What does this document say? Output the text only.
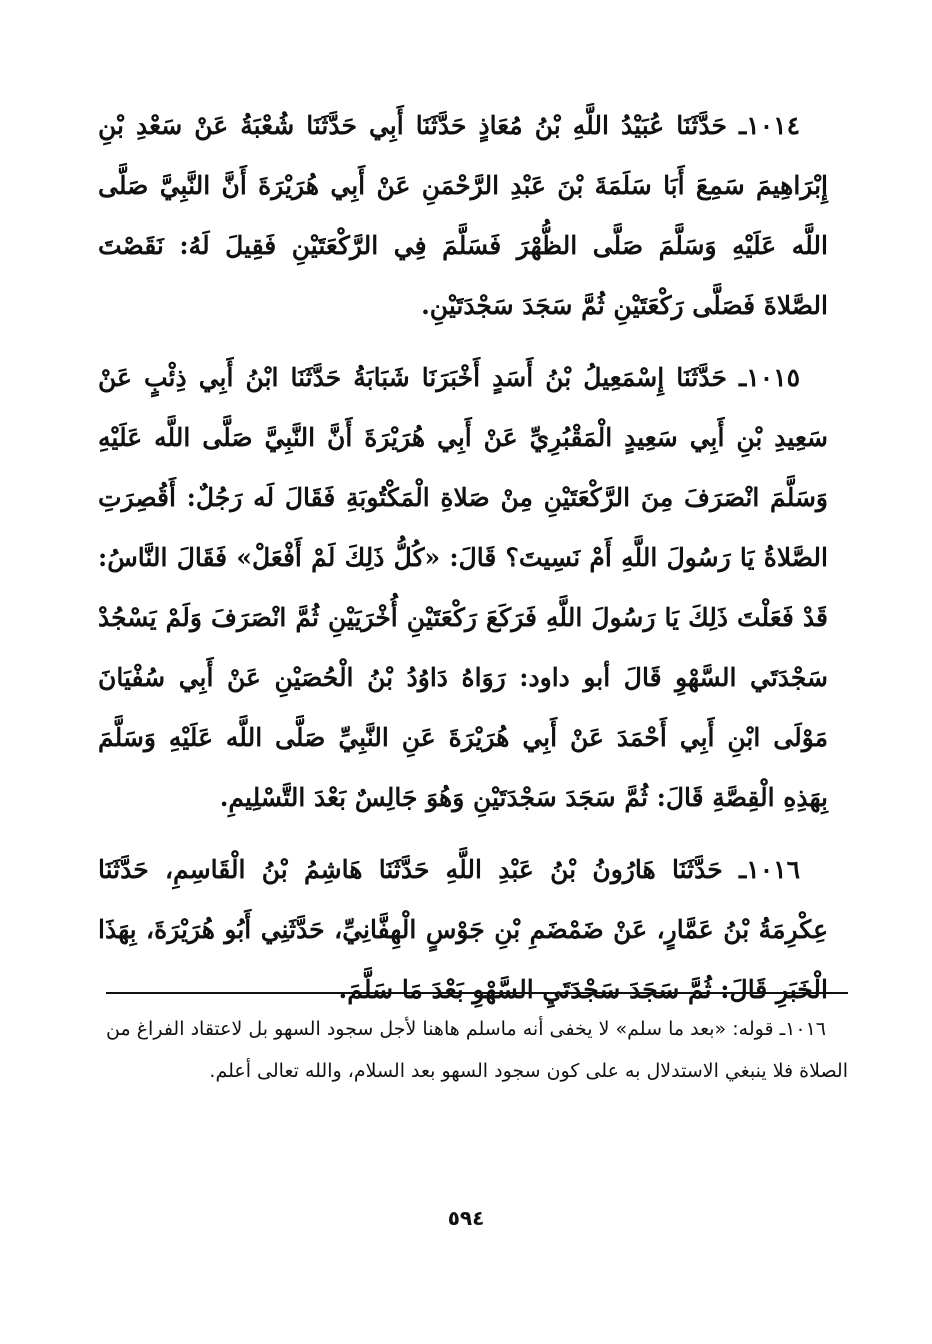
١٠١٤ـ حَدَّثَنَا عُبَيْدُ اللَّهِ بْنُ مُعَاذٍ حَدَّثَنَا أَبِي حَدَّثَنَا شُعْبَةُ عَنْ سَعْدِ بْنِ إِبْرَاهِيمَ سَمِعَ أَبَا سَلَمَةَ بْنَ عَبْدِ الرَّحْمَنِ عَنْ أَبِي هُرَيْرَةَ أَنَّ النَّبِيَّ صَلَّى اللَّه عَلَيْهِ وَسَلَّمَ صَلَّى الظُّهْرَ فَسَلَّمَ فِي الرَّكْعَتَيْنِ فَقِيلَ لَهُ: نَقَصْتَ الصَّلاةَ فَصَلَّى رَكْعَتَيْنِ ثُمَّ سَجَدَ سَجْدَتَيْنِ.

١٠١٥ـ حَدَّثَنَا إِسْمَعِيلُ بْنُ أَسَدٍ أَخْبَرَنَا شَبَابَةُ حَدَّثَنَا ابْنُ أَبِي ذِئْبٍ عَنْ سَعِيدِ بْنِ أَبِي سَعِيدٍ الْمَقْبُرِيِّ عَنْ أَبِي هُرَيْرَةَ أَنَّ النَّبِيَّ صَلَّى اللَّه عَلَيْهِ وَسَلَّمَ انْصَرَفَ مِنَ الرَّكْعَتَيْنِ مِنْ صَلاةِ الْمَكْتُوبَةِ فَقَالَ لَه رَجُلٌ: أَقُصِرَتِ الصَّلاةُ يَا رَسُولَ اللَّهِ أَمْ نَسِيتَ؟ قَالَ: «كُلُّ ذَلِكَ لَمْ أَفْعَلْ» فَقَالَ النَّاسُ: قَدْ فَعَلْتَ ذَلِكَ يَا رَسُولَ اللَّهِ فَرَكَعَ رَكْعَتَيْنِ أُخْرَيَيْنِ ثُمَّ انْصَرَفَ وَلَمْ يَسْجُدْ سَجْدَتَي السَّهْوِ قَالَ أبو داود: رَوَاهُ دَاوُدُ بْنُ الْحُصَيْنِ عَنْ أَبِي سُفْيَانَ مَوْلَى ابْنِ أَبِي أَحْمَدَ عَنْ أَبِي هُرَيْرَةَ عَنِ النَّبِيِّ صَلَّى اللَّه عَلَيْهِ وَسَلَّمَ بِهَذِهِ الْقِصَّةِ قَالَ: ثُمَّ سَجَدَ سَجْدَتَيْنِ وَهُوَ جَالِسٌ بَعْدَ التَّسْلِيمِ.

١٠١٦ـ حَدَّثَنَا هَارُونُ بْنُ عَبْدِ اللَّهِ حَدَّثَنَا هَاشِمُ بْنُ الْقَاسِمِ، حَدَّثَنَا عِكْرِمَةُ بْنُ عَمَّارٍ، عَنْ ضَمْضَمِ بْنِ جَوْسٍ الْهِفَّانِيِّ، حَدَّثَنِي أَبُو هُرَيْرَةَ، بِهَذَا الْخَبَرِ قَالَ: ثُمَّ سَجَدَ سَجْدَتَيِ السَّهْوِ بَعْدَ مَا سَلَّمَ.

١٠١٦ـ قوله: «بعد ما سلم» لا يخفى أنه ماسلم هاهنا لأجل سجود السهو بل لاعتقاد الفراغ من الصلاة فلا ينبغي الاستدلال به على كون سجود السهو بعد السلام، والله تعالى أعلم.

٥٩٤
